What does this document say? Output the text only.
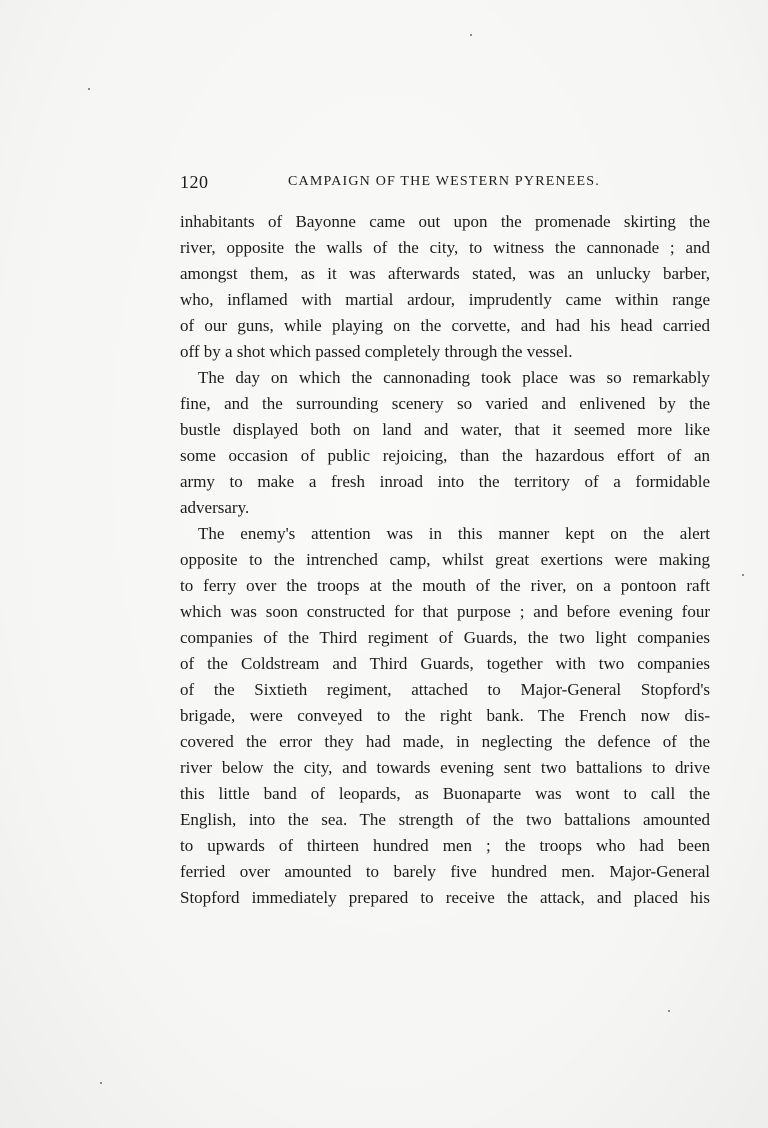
120	CAMPAIGN OF THE WESTERN PYRENEES.
inhabitants of Bayonne came out upon the promenade skirting the
river, opposite the walls of the city, to witness the cannonade ; and
amongst them, as it was afterwards stated, was an unlucky barber,
who, inflamed with martial ardour, imprudently came within range
of our guns, while playing on the corvette, and had his head carried
off by a shot which passed completely through the vessel.
The day on which the cannonading took place was so remarkably
fine, and the surrounding scenery so varied and enlivened by the
bustle displayed both on land and water, that it seemed more like
some occasion of public rejoicing, than the hazardous effort of an
army to make a fresh inroad into the territory of a formidable
adversary.
The enemy's attention was in this manner kept on the alert
opposite to the intrenched camp, whilst great exertions were making
to ferry over the troops at the mouth of the river, on a pontoon raft
which was soon constructed for that purpose ; and before evening four
companies of the Third regiment of Guards, the two light companies
of the Coldstream and Third Guards, together with two companies
of the Sixtieth regiment, attached to Major-General Stopford's
brigade, were conveyed to the right bank. The French now dis-
covered the error they had made, in neglecting the defence of the
river below the city, and towards evening sent two battalions to drive
this little band of leopards, as Buonaparte was wont to call the
English, into the sea. The strength of the two battalions amounted
to upwards of thirteen hundred men ; the troops who had been
ferried over amounted to barely five hundred men. Major-General
Stopford immediately prepared to receive the attack, and placed his
